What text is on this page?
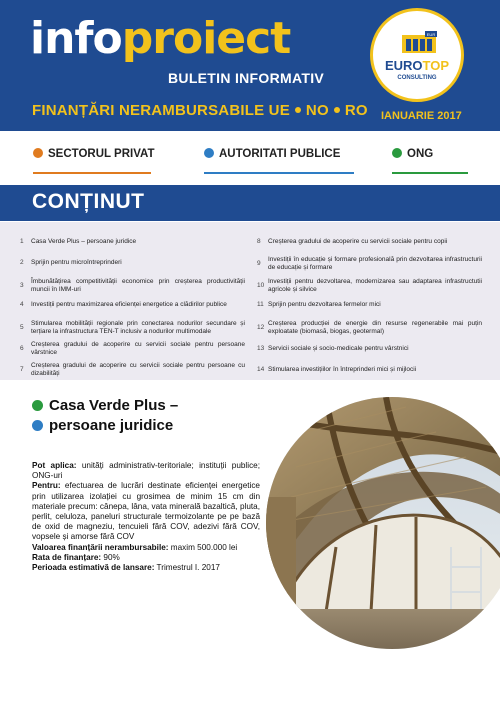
infoproiect
BULETIN INFORMATIV
FINANȚĂRI NERAMBURSABILE UE NO RO
EUR
EUROTOP
CONSULTING
IANUARIE 2017
SECTORUL PRIVAT	AUTORITATI PUBLICE	ONG
CONȚINUT
1 Casa Verde Plus – persoane juridice
2 Sprijin pentru microîntreprinderi
3
Îmbunătățirea competitivității economice prin creșterea productivității muncii în IMM-uri
4 Investiții pentru maximizarea eficienței energetice a clădirilor publice
5
Stimularea mobilității regionale prin conectarea nodurilor secundare și terțiare la infrastructura TEN-T inclusiv a nodurilor multimodale
6
Creșterea gradului de acoperire cu servicii sociale pentru persoane vârstnice
7
Creșterea gradului de acoperire cu servicii sociale pentru persoane cu dizabilități
8 Creșterea gradului de acoperire cu servicii sociale pentru copii
9
Investiții în educație și formare profesională prin dezvoltarea infrastructurii de educație și formare
10
Investiții pentru dezvoltarea, modernizarea sau adaptarea infrastructutii agricole și silvice
11 Sprijin pentru dezvoltarea fermelor mici
12
Creșterea producției de energie din resurse regenerabile mai puțin exploatate (biomasă, biogas, geotermal)
13 Servicii sociale și socio-medicale pentru vârstnici
14 Stimularea investițiilor în întreprinderi mici și mijlocii
Casa Verde Plus –
persoane juridice
Pot aplica: unități administrativ-teritoriale; instituții publice; ONG-uri
Pentru: efectuarea de lucrări destinate eficienței energetice prin utilizarea izolației cu grosimea de minim 15 cm din materiale precum: cânepa, lâna, vata minerală bazaltică, pluta, perlit, celuloza, paneluri structurale termoizolante pe pe bază de oxid de magneziu, tencuieli fără COV, adezivi fără COV, vopsele și amorse fără COV
Valoarea finanțării nerambursabile: maxim 500.000 lei
Rata de finanțare: 90%
Perioada estimativă de lansare: Trimestrul I. 2017
